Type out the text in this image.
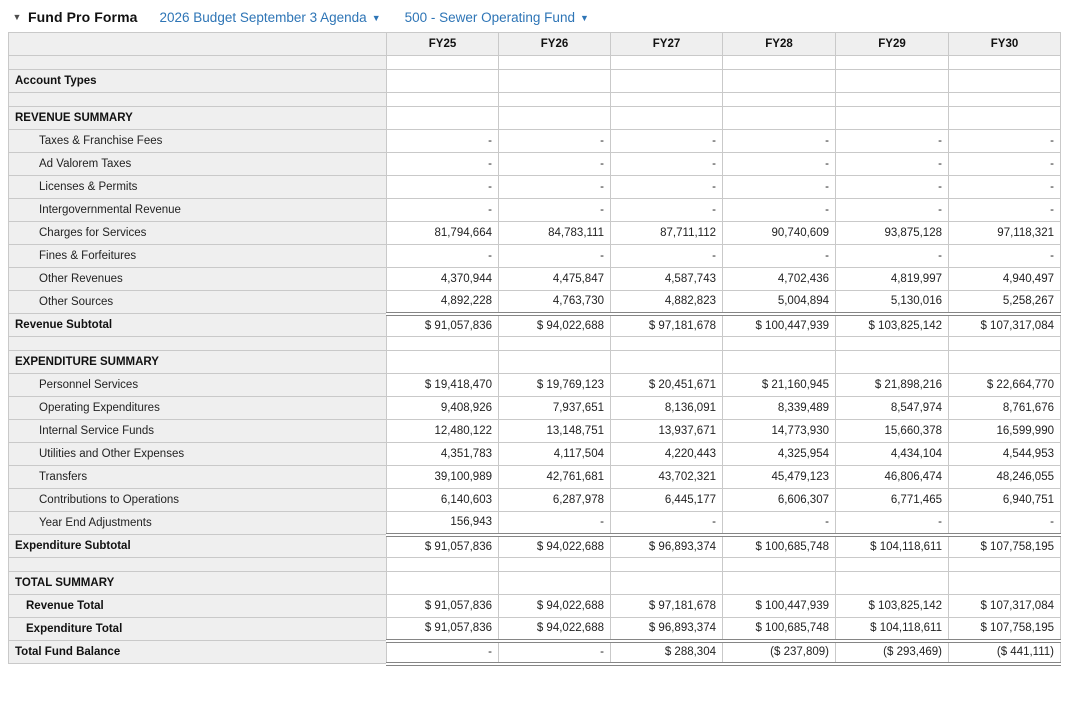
▼ Fund Pro Forma 2026 Budget September 3 Agenda ▼ 500 - Sewer Operating Fund ▼
	FY25	FY26	FY27	FY28	FY29	FY30

Account Types						

REVENUE SUMMARY						
Taxes & Franchise Fees	-	-	-	-	-	-
Ad Valorem Taxes	-	-	-	-	-	-
Licenses & Permits	-	-	-	-	-	-
Intergovernmental Revenue	-	-	-	-	-	-
Charges for Services	81,794,664	84,783,111	87,711,112	90,740,609	93,875,128	97,118,321
Fines & Forfeitures	-	-	-	-	-	-
Other Revenues	4,370,944	4,475,847	4,587,743	4,702,436	4,819,997	4,940,497
Other Sources	4,892,228	4,763,730	4,882,823	5,004,894	5,130,016	5,258,267
Revenue Subtotal	$ 91,057,836	$ 94,022,688	$ 97,181,678	$ 100,447,939	$ 103,825,142	$ 107,317,084

EXPENDITURE SUMMARY						
Personnel Services	$ 19,418,470	$ 19,769,123	$ 20,451,671	$ 21,160,945	$ 21,898,216	$ 22,664,770
Operating Expenditures	9,408,926	7,937,651	8,136,091	8,339,489	8,547,974	8,761,676
Internal Service Funds	12,480,122	13,148,751	13,937,671	14,773,930	15,660,378	16,599,990
Utilities and Other Expenses	4,351,783	4,117,504	4,220,443	4,325,954	4,434,104	4,544,953
Transfers	39,100,989	42,761,681	43,702,321	45,479,123	46,806,474	48,246,055
Contributions to Operations	6,140,603	6,287,978	6,445,177	6,606,307	6,771,465	6,940,751
Year End Adjustments	156,943	-	-	-	-	-
Expenditure Subtotal	$ 91,057,836	$ 94,022,688	$ 96,893,374	$ 100,685,748	$ 104,118,611	$ 107,758,195

TOTAL SUMMARY						
Revenue Total	$ 91,057,836	$ 94,022,688	$ 97,181,678	$ 100,447,939	$ 103,825,142	$ 107,317,084
Expenditure Total	$ 91,057,836	$ 94,022,688	$ 96,893,374	$ 100,685,748	$ 104,118,611	$ 107,758,195
Total Fund Balance	-	-	$ 288,304	($ 237,809)	($ 293,469)	($ 441,111)
